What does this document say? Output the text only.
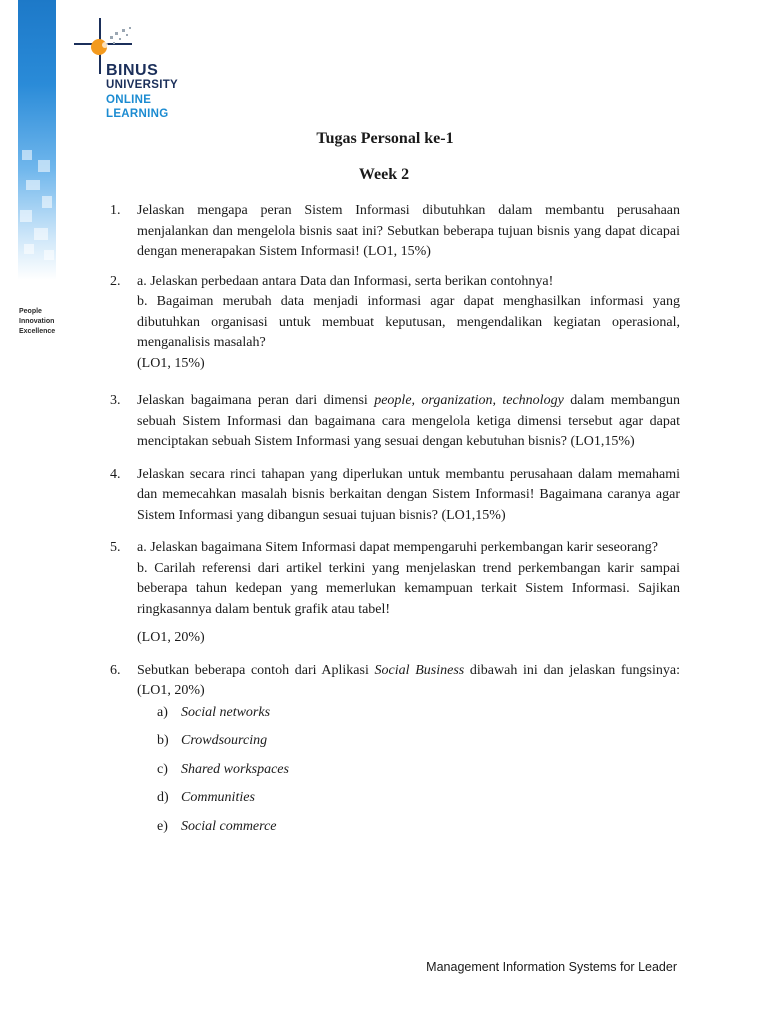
People
Innovation
Excellence
BINUS
UNIVERSITY
ONLINE
LEARNING
Tugas Personal ke-1
Week 2
1. Jelaskan mengapa peran Sistem Informasi dibutuhkan dalam membantu perusahaan menjalankan dan mengelola bisnis saat ini? Sebutkan beberapa tujuan bisnis yang dapat dicapai dengan menerapakan Sistem Informasi! (LO1, 15%)

2. a. Jelaskan perbedaan antara Data dan Informasi, serta berikan contohnya!

b. Bagaiman merubah data menjadi informasi agar dapat menghasilkan informasi yang dibutuhkan organisasi untuk membuat keputusan, mengendalikan kegiatan operasional, menganalisis masalah?

(LO1, 15%)

3. Jelaskan bagaimana peran dari dimensi people, organization, technology dalam membangun sebuah Sistem Informasi dan bagaimana cara mengelola ketiga dimensi tersebut agar dapat menciptakan sebuah Sistem Informasi yang sesuai dengan kebutuhan bisnis? (LO1,15%)

4. Jelaskan secara rinci tahapan yang diperlukan untuk membantu perusahaan dalam memahami dan memecahkan masalah bisnis berkaitan dengan Sistem Informasi! Bagaimana caranya agar Sistem Informasi yang dibangun sesuai tujuan bisnis? (LO1,15%)

5. a. Jelaskan bagaimana Sitem Informasi dapat mempengaruhi perkembangan karir seseorang?

b. Carilah referensi dari artikel terkini yang menjelaskan trend perkembangan karir sampai beberapa tahun kedepan yang memerlukan kemampuan terkait Sistem Informasi. Sajikan ringkasannya dalam bentuk grafik atau tabel!

(LO1, 20%)

6. Sebutkan beberapa contoh dari Aplikasi Social Business dibawah ini dan jelaskan fungsinya: (LO1, 20%)

a) Social networks
b) Crowdsourcing
c) Shared workspaces
d) Communities
e) Social commerce
Management Information Systems for Leader
